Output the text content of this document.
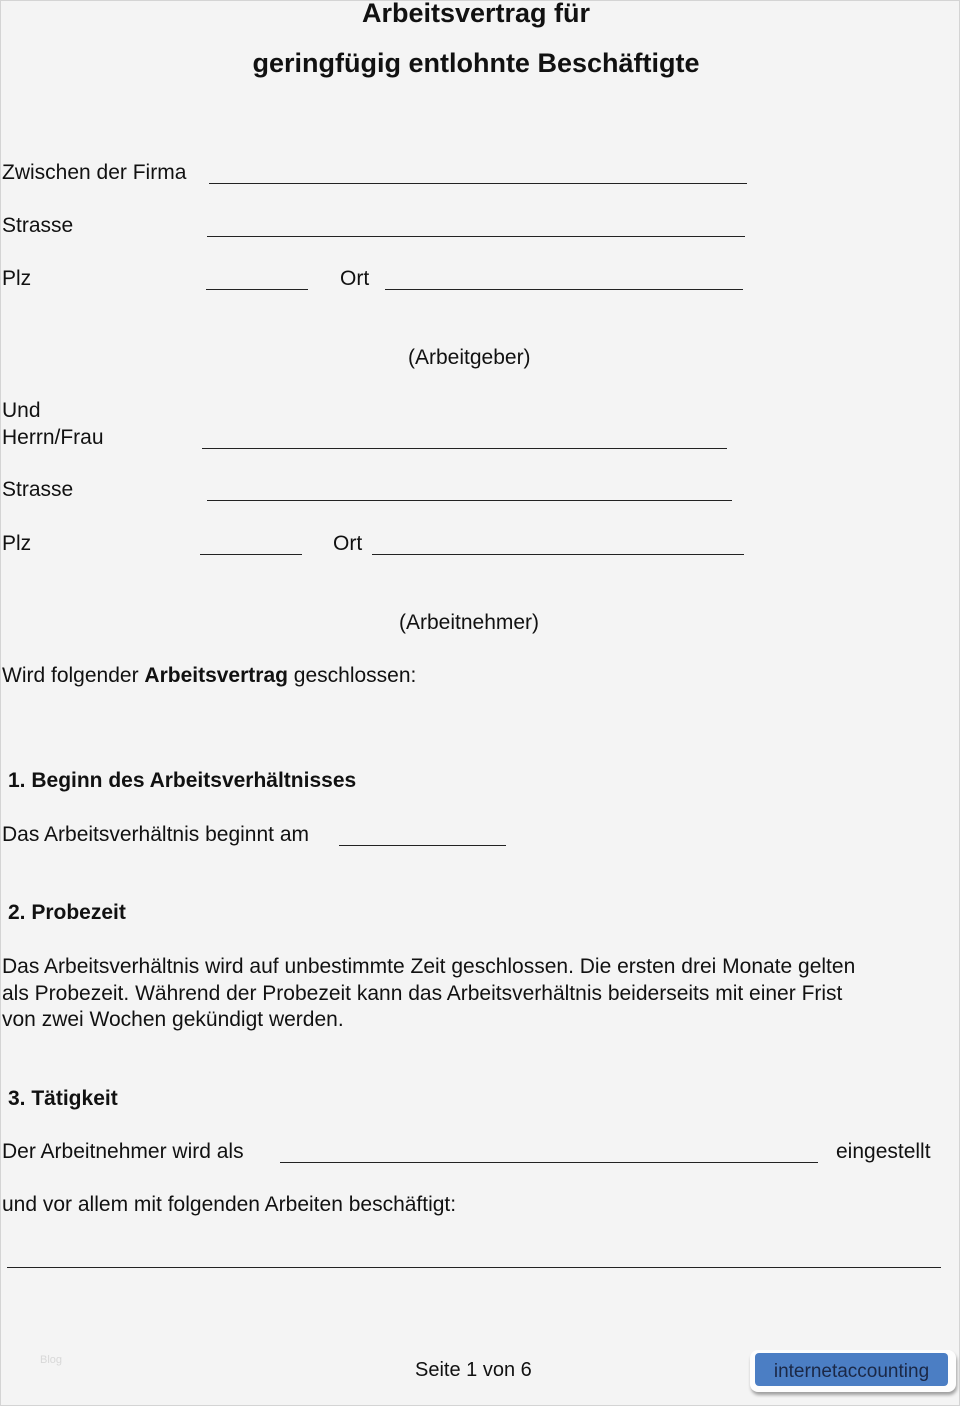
Arbeitsvertrag für
geringfügig entlohnte Beschäftigte
Zwischen der Firma
Strasse
Plz	Ort
(Arbeitgeber)
Und
Herrn/Frau
Strasse
Plz	Ort
(Arbeitnehmer)
Wird folgender Arbeitsvertrag geschlossen:
1. Beginn des Arbeitsverhältnisses
Das Arbeitsverhältnis beginnt am
2. Probezeit
Das Arbeitsverhältnis wird auf unbestimmte Zeit geschlossen. Die ersten drei Monate gelten
als Probezeit. Während der Probezeit kann das Arbeitsverhältnis beiderseits mit einer Frist
von zwei Wochen gekündigt werden.
3. Tätigkeit
Der Arbeitnehmer wird als	eingestellt
und vor allem mit folgenden Arbeiten beschäftigt:
Blog	Seite 1 von 6	internetaccounting
